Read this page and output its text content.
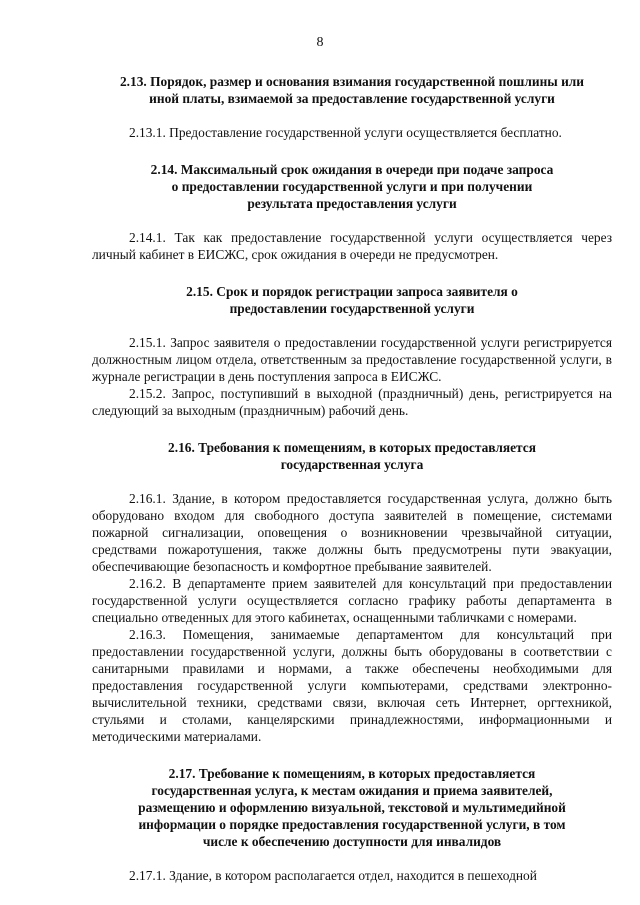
8

2.13. Порядок, размер и основания взимания государственной пошлины или иной платы, взимаемой за предоставление государственной услуги

2.13.1. Предоставление государственной услуги осуществляется бесплатно.

2.14. Максимальный срок ожидания в очереди при подаче запроса о предоставлении государственной услуги и при получении результата предоставления услуги

2.14.1. Так как предоставление государственной услуги осуществляется через личный кабинет в ЕИСЖС, срок ожидания в очереди не предусмотрен.

2.15. Срок и порядок регистрации запроса заявителя о предоставлении государственной услуги

2.15.1. Запрос заявителя о предоставлении государственной услуги регистрируется должностным лицом отдела, ответственным за предоставление государственной услуги, в журнале регистрации в день поступления запроса в ЕИСЖС.

2.15.2. Запрос, поступивший в выходной (праздничный) день, регистрируется на следующий за выходным (праздничным) рабочий день.

2.16. Требования к помещениям, в которых предоставляется государственная услуга

2.16.1. Здание, в котором предоставляется государственная услуга, должно быть оборудовано входом для свободного доступа заявителей в помещение, системами пожарной сигнализации, оповещения о возникновении чрезвычайной ситуации, средствами пожаротушения, также должны быть предусмотрены пути эвакуации, обеспечивающие безопасность и комфортное пребывание заявителей.

2.16.2. В департаменте прием заявителей для консультаций при предоставлении государственной услуги осуществляется согласно графику работы департамента в специально отведенных для этого кабинетах, оснащенными табличками с номерами.

2.16.3. Помещения, занимаемые департаментом для консультаций при предоставлении государственной услуги, должны быть оборудованы в соответствии с санитарными правилами и нормами, а также обеспечены необходимыми для предоставления государственной услуги компьютерами, средствами электронно-вычислительной техники, средствами связи, включая сеть Интернет, оргтехникой, стульями и столами, канцелярскими принадлежностями, информационными и методическими материалами.

2.17. Требование к помещениям, в которых предоставляется государственная услуга, к местам ожидания и приема заявителей, размещению и оформлению визуальной, текстовой и мультимедийной информации о порядке предоставления государственной услуги, в том числе к обеспечению доступности для инвалидов

2.17.1. Здание, в котором располагается отдел, находится в пешеходной
